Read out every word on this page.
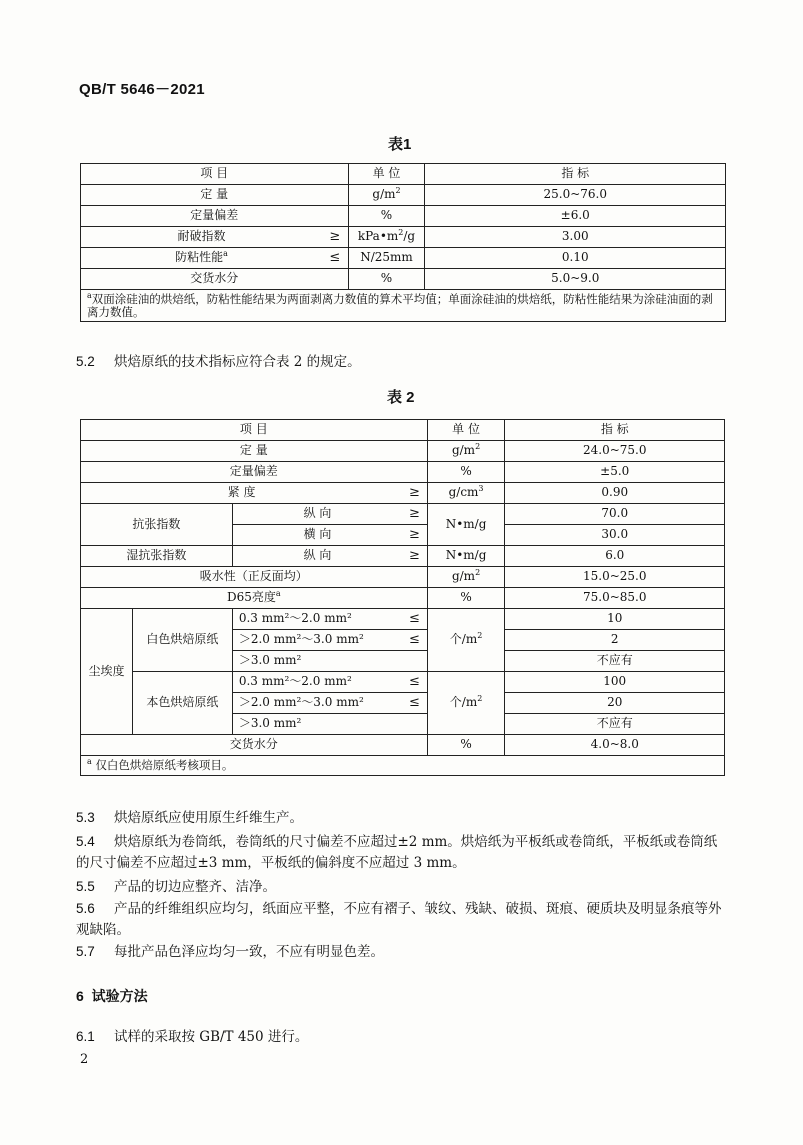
QB/T 5646－2021
表1
项 目		单 位	指 标
定 量		$g/m^2$	25.0~76.0
定量偏差		%	±6.0
耐破指数	≥	$kPa•m^2/g$	3.00
防粘性能$^a$	≤	N/25mm	0.10
交货水分		%	5.0~9.0
$^a$双面涂硅油的烘焙纸，防粘性能结果为两面剥离力数值的算术平均值；单面涂硅油的烘焙纸，防粘性能结果为涂硅油面的剥离力数值。			
5.2 烘焙原纸的技术指标应符合表 2 的规定。
表 2
项 目				单 位	指 标
定 量				$g/m^2$	24.0~75.0
定量偏差				%	±5.0
紧 度			≥	$g/cm^3$	0.90
抗张指数		纵 向	≥	N•m/g	70.0
		横 向	≥		30.0
湿抗张指数		纵 向	≥	N•m/g	6.0
吸水性（正反面均）				$g/m^2$	15.0~25.0
D65亮度$^a$				%	75.0~85.0
尘埃度	白色烘焙原纸	0.3 mm²～2.0 mm²	≤	个$/m^2$	10
		＞2.0 mm²～3.0 mm²	≤		2
		＞3.0 mm²			不应有
	本色烘焙原纸	0.3 mm²～2.0 mm²	≤	个$/m^2$	100
		＞2.0 mm²～3.0 mm²	≤		20
		＞3.0 mm²			不应有
交货水分				%	4.0~8.0
$^a$ 仅白色烘焙原纸考核项目。					
5.3 烘焙原纸应使用原生纤维生产。
5.4 烘焙原纸为卷筒纸，卷筒纸的尺寸偏差不应超过±2 mm。烘焙纸为平板纸或卷筒纸，平板纸或卷筒纸的尺寸偏差不应超过±3 mm，平板纸的偏斜度不应超过 3 mm。
5.5 产品的切边应整齐、洁净。
5.6 产品的纤维组织应均匀，纸面应平整，不应有褶子、皱纹、残缺、破损、斑痕、硬质块及明显条痕等外观缺陷。
5.7 每批产品色泽应均匀一致，不应有明显色差。
6 试验方法
6.1 试样的采取按 GB/T 450 进行。
2
